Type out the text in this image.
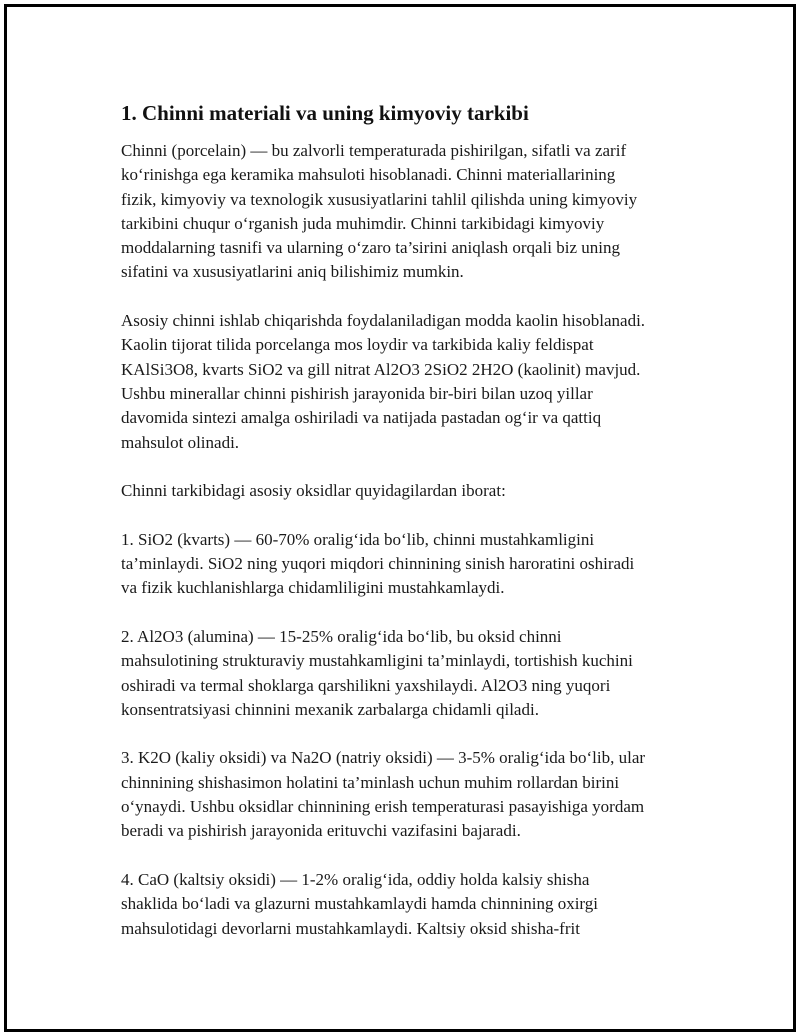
1. Chinni materiali va uning kimyoviy tarkibi

Chinni (porcelain) — bu zalvorli temperaturada pishirilgan, sifatli va zarif
ko‘rinishga ega keramika mahsuloti hisoblanadi. Chinni materiallarining
fizik, kimyoviy va texnologik xususiyatlarini tahlil qilishda uning kimyoviy
tarkibini chuqur o‘rganish juda muhimdir. Chinni tarkibidagi kimyoviy
moddalarning tasnifi va ularning o‘zaro ta’sirini aniqlash orqali biz uning
sifatini va xususiyatlarini aniq bilishimiz mumkin.

Asosiy chinni ishlab chiqarishda foydalaniladigan modda kaolin hisoblanadi.
Kaolin tijorat tilida porcelanga mos loydir va tarkibida kaliy feldispat
KAlSi3O8, kvarts SiO2 va gill nitrat Al2O3 2SiO2 2H2O (kaolinit) mavjud.
Ushbu minerallar chinni pishirish jarayonida bir-biri bilan uzoq yillar
davomida sintezi amalga oshiriladi va natijada pastadan og‘ir va qattiq
mahsulot olinadi.

Chinni tarkibidagi asosiy oksidlar quyidagilardan iborat:

1. SiO2 (kvarts) — 60-70% oralig‘ida bo‘lib, chinni mustahkamligini
ta’minlaydi. SiO2 ning yuqori miqdori chinnining sinish haroratini oshiradi
va fizik kuchlanishlarga chidamliligini mustahkamlaydi.

2. Al2O3 (alumina) — 15-25% oralig‘ida bo‘lib, bu oksid chinni
mahsulotining strukturaviy mustahkamligini ta’minlaydi, tortishish kuchini
oshiradi va termal shoklarga qarshilikni yaxshilaydi. Al2O3 ning yuqori
konsentratsiyasi chinnini mexanik zarbalarga chidamli qiladi.

3. K2O (kaliy oksidi) va Na2O (natriy oksidi) — 3-5% oralig‘ida bo‘lib, ular
chinnining shishasimon holatini ta’minlash uchun muhim rollardan birini
o‘ynaydi. Ushbu oksidlar chinnining erish temperaturasi pasayishiga yordam
beradi va pishirish jarayonida erituvchi vazifasini bajaradi.

4. CaO (kaltsiy oksidi) — 1-2% oralig‘ida, oddiy holda kalsiy shisha
shaklida bo‘ladi va glazurni mustahkamlaydi hamda chinnining oxirgi
mahsulotidagi devorlarni mustahkamlaydi. Kaltsiy oksid shisha-frit
